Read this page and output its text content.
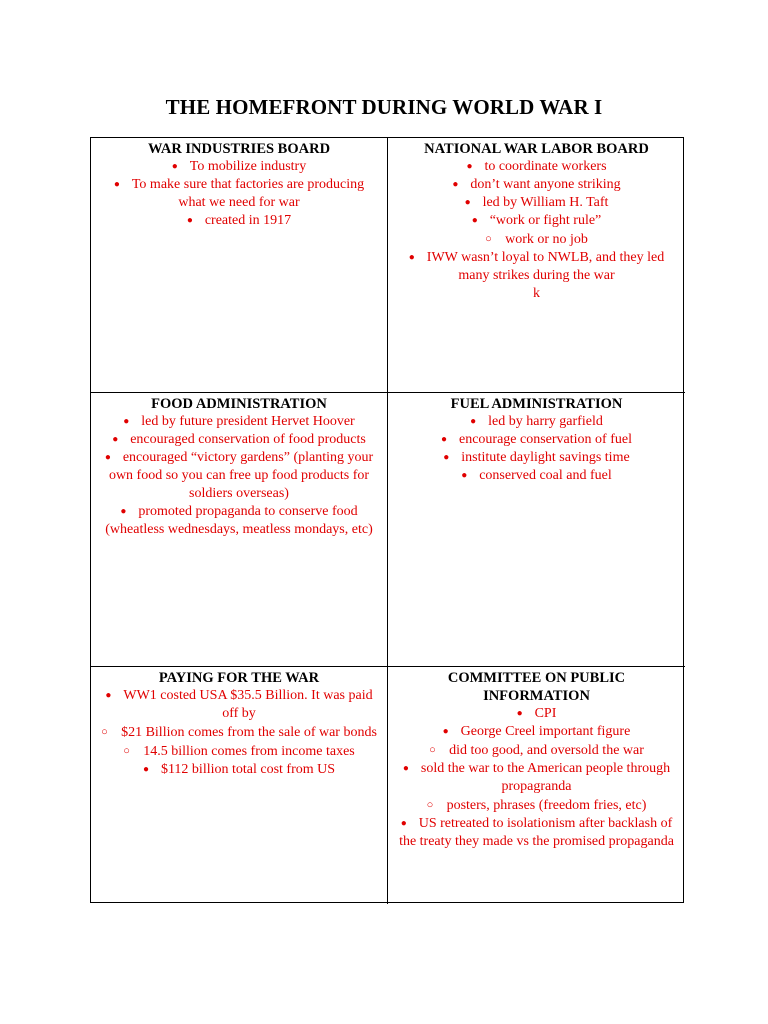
THE HOMEFRONT DURING WORLD WAR I
WAR INDUSTRIES BOARD
● To mobilize industry
● To make sure that factories are producing what we need for war
● created in 1917
NATIONAL WAR LABOR BOARD
● to coordinate workers
● don’t want anyone striking
● led by William H. Taft
● “work or fight rule”
○ work or no job
● IWW wasn’t loyal to NWLB, and they led many strikes during the war
k
FOOD ADMINISTRATION
● led by future president Hervet Hoover
● encouraged conservation of food products
● encouraged “victory gardens” (planting your own food so you can free up food products for soldiers overseas)
● promoted propaganda to conserve food (wheatless wednesdays, meatless mondays, etc)
FUEL ADMINISTRATION
● led by harry garfield
● encourage conservation of fuel
● institute daylight savings time
● conserved coal and fuel
PAYING FOR THE WAR
● WW1 costed USA $35.5 Billion. It was paid off by
○ $21 Billion comes from the sale of war bonds
○ 14.5 billion comes from income taxes
● $112 billion total cost from US
COMMITTEE ON PUBLIC INFORMATION
● CPI
● George Creel important figure
○ did too good, and oversold the war
● sold the war to the American people through propagranda
○ posters, phrases (freedom fries, etc)
● US retreated to isolationism after backlash of the treaty they made vs the promised propaganda
